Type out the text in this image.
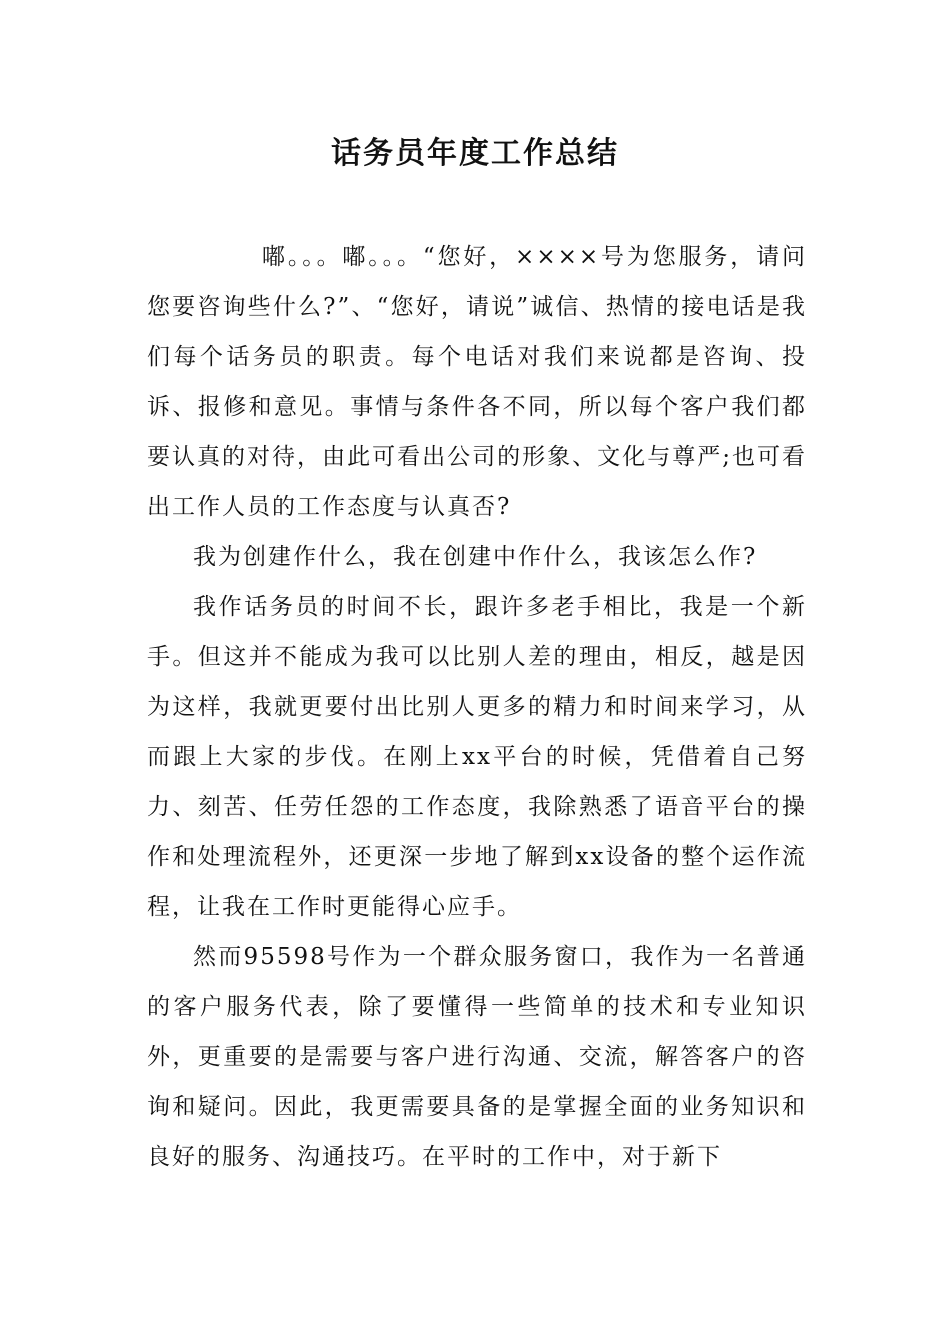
话务员年度工作总结

嘟。。。嘟。。。“您好，××××号为您服务，请问您要咨询些什么?”、“您好，请说”诚信、热情的接电话是我们每个话务员的职责。每个电话对我们来说都是咨询、投诉、报修和意见。事情与条件各不同，所以每个客户我们都要认真的对待，由此可看出公司的形象、文化与尊严;也可看出工作人员的工作态度与认真否?

我为创建作什么，我在创建中作什么，我该怎么作?

我作话务员的时间不长，跟许多老手相比，我是一个新手。但这并不能成为我可以比别人差的理由，相反，越是因为这样，我就更要付出比别人更多的精力和时间来学习，从而跟上大家的步伐。在刚上xx平台的时候，凭借着自己努力、刻苦、任劳任怨的工作态度，我除熟悉了语音平台的操作和处理流程外，还更深一步地了解到xx设备的整个运作流程，让我在工作时更能得心应手。

然而95598号作为一个群众服务窗口，我作为一名普通的客户服务代表，除了要懂得一些简单的技术和专业知识外，更重要的是需要与客户进行沟通、交流，解答客户的咨询和疑问。因此，我更需要具备的是掌握全面的业务知识和良好的服务、沟通技巧。在平时的工作中，对于新下
